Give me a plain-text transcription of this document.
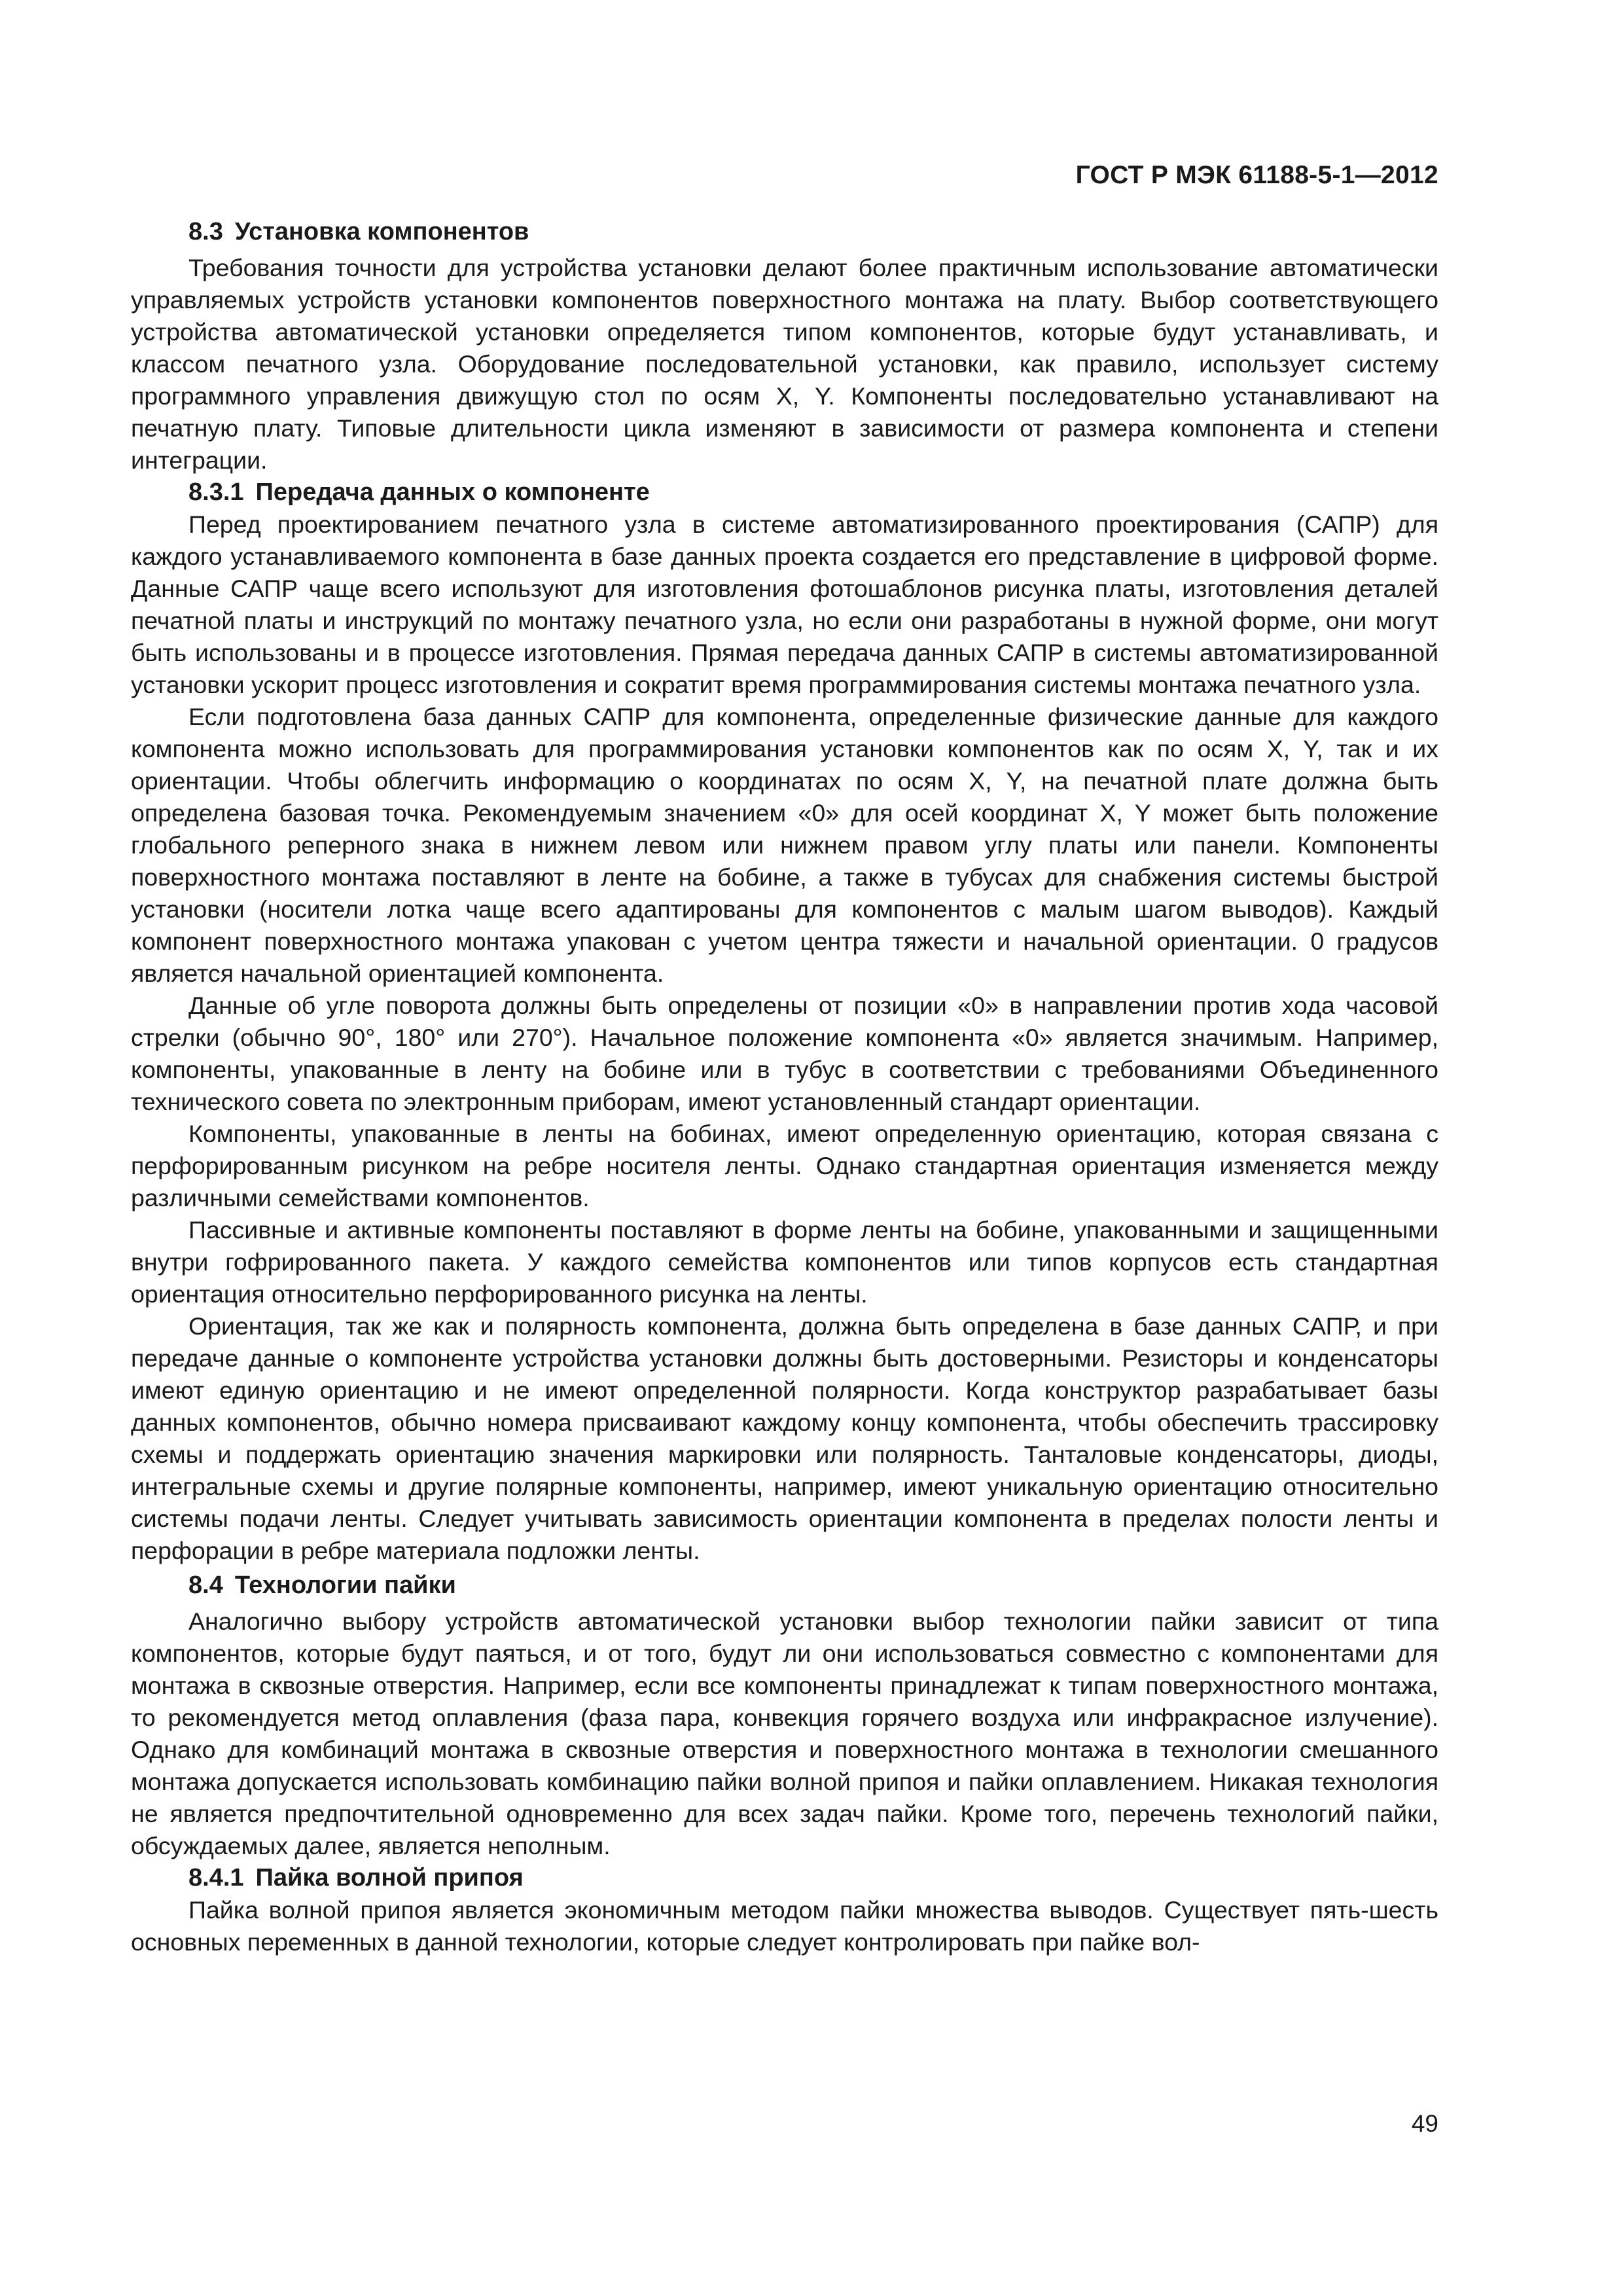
ГОСТ Р МЭК 61188-5-1—2012
8.3 Установка компонентов

Требования точности для устройства установки делают более практичным использование автоматически управляемых устройств установки компонентов поверхностного монтажа на плату. Выбор соответствующего устройства автоматической установки определяется типом компонентов, которые будут устанавливать, и классом печатного узла. Оборудование последовательной установки, как правило, использует систему программного управления движущую стол по осям X, Y. Компоненты последовательно устанавливают на печатную плату. Типовые длительности цикла изменяют в зависимости от размера компонента и степени интеграции.

8.3.1 Передача данных о компоненте

Перед проектированием печатного узла в системе автоматизированного проектирования (САПР) для каждого устанавливаемого компонента в базе данных проекта создается его представление в цифровой форме. Данные САПР чаще всего используют для изготовления фотошаблонов рисунка платы, изготовления деталей печатной платы и инструкций по монтажу печатного узла, но если они разработаны в нужной форме, они могут быть использованы и в процессе изготовления. Прямая передача данных САПР в системы автоматизированной установки ускорит процесс изготовления и сократит время программирования системы монтажа печатного узла.

Если подготовлена база данных САПР для компонента, определенные физические данные для каждого компонента можно использовать для программирования установки компонентов как по осям X, Y, так и их ориентации. Чтобы облегчить информацию о координатах по осям X, Y, на печатной плате должна быть определена базовая точка. Рекомендуемым значением «0» для осей координат X, Y может быть положение глобального реперного знака в нижнем левом или нижнем правом углу платы или панели. Компоненты поверхностного монтажа поставляют в ленте на бобине, а также в тубусах для снабжения системы быстрой установки (носители лотка чаще всего адаптированы для компонентов с малым шагом выводов). Каждый компонент поверхностного монтажа упакован с учетом центра тяжести и начальной ориентации. 0 градусов является начальной ориентацией компонента.

Данные об угле поворота должны быть определены от позиции «0» в направлении против хода часовой стрелки (обычно 90°, 180° или 270°). Начальное положение компонента «0» является значимым. Например, компоненты, упакованные в ленту на бобине или в тубус в соответствии с требованиями Объединенного технического совета по электронным приборам, имеют установленный стандарт ориентации.

Компоненты, упакованные в ленты на бобинах, имеют определенную ориентацию, которая связана с перфорированным рисунком на ребре носителя ленты. Однако стандартная ориентация изменяется между различными семействами компонентов.

Пассивные и активные компоненты поставляют в форме ленты на бобине, упакованными и защищенными внутри гофрированного пакета. У каждого семейства компонентов или типов корпусов есть стандартная ориентация относительно перфорированного рисунка на ленты.

Ориентация, так же как и полярность компонента, должна быть определена в базе данных САПР, и при передаче данные о компоненте устройства установки должны быть достоверными. Резисторы и конденсаторы имеют единую ориентацию и не имеют определенной полярности. Когда конструктор разрабатывает базы данных компонентов, обычно номера присваивают каждому концу компонента, чтобы обеспечить трассировку схемы и поддержать ориентацию значения маркировки или полярность. Танталовые конденсаторы, диоды, интегральные схемы и другие полярные компоненты, например, имеют уникальную ориентацию относительно системы подачи ленты. Следует учитывать зависимость ориентации компонента в пределах полости ленты и перфорации в ребре материала подложки ленты.

8.4 Технологии пайки

Аналогично выбору устройств автоматической установки выбор технологии пайки зависит от типа компонентов, которые будут паяться, и от того, будут ли они использоваться совместно с компонентами для монтажа в сквозные отверстия. Например, если все компоненты принадлежат к типам поверхностного монтажа, то рекомендуется метод оплавления (фаза пара, конвекция горячего воздуха или инфракрасное излучение). Однако для комбинаций монтажа в сквозные отверстия и поверхностного монтажа в технологии смешанного монтажа допускается использовать комбинацию пайки волной припоя и пайки оплавлением. Никакая технология не является предпочтительной одновременно для всех задач пайки. Кроме того, перечень технологий пайки, обсуждаемых далее, является неполным.

8.4.1 Пайка волной припоя

Пайка волной припоя является экономичным методом пайки множества выводов. Существует пять-шесть основных переменных в данной технологии, которые следует контролировать при пайке вол-

49
